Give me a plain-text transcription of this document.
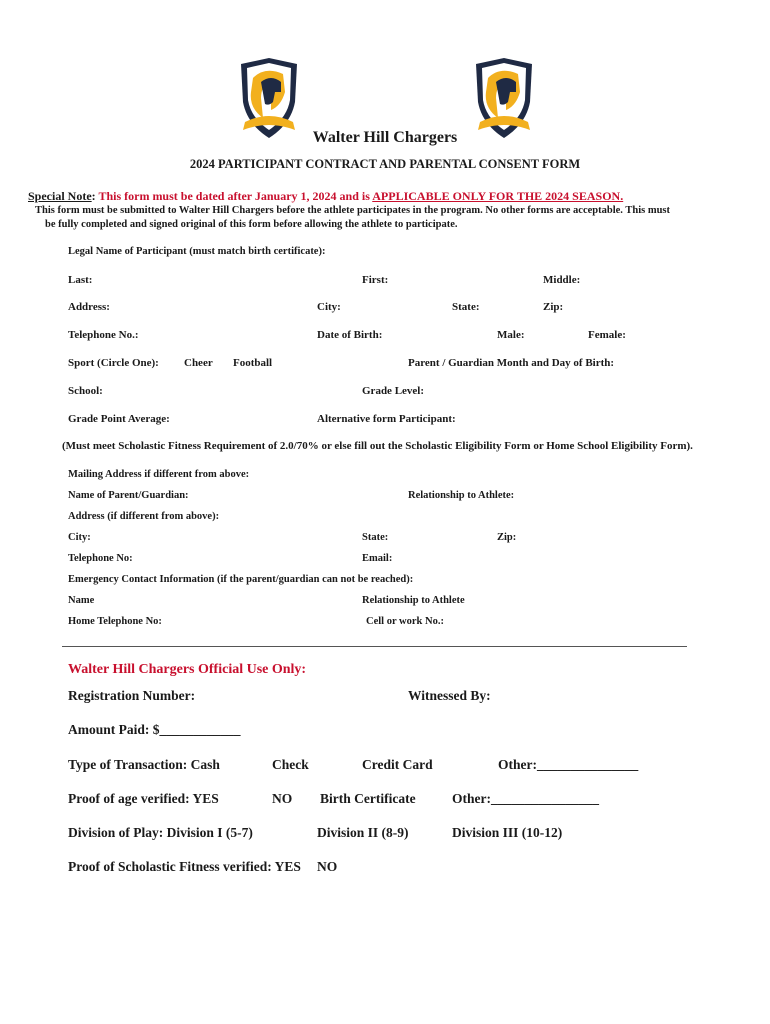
Walter Hill Chargers
2024 PARTICIPANT CONTRACT AND PARENTAL CONSENT FORM
Special Note: This form must be dated after January 1, 2024 and is APPLICABLE ONLY FOR THE 2024 SEASON.
This form must be submitted to Walter Hill Chargers before the athlete participates in the program. No other forms are acceptable. This must
be fully completed and signed original of this form before allowing the athlete to participate.
Legal Name of Participant (must match birth certificate):
Last:	First:	Middle:
Address:	City:	State:	Zip:
Telephone No.:	Date of Birth:	Male:	Female:
Sport (Circle One): Cheer Football	Parent / Guardian Month and Day of Birth:
School:	Grade Level:
Grade Point Average:	Alternative form Participant:
(Must meet Scholastic Fitness Requirement of 2.0/70% or else fill out the Scholastic Eligibility Form or Home School Eligibility Form).
Mailing Address if different from above:
Name of Parent/Guardian:	Relationship to Athlete:
Address (if different from above):
City:	State:	Zip:
Telephone No:	Email:
Emergency Contact Information (if the parent/guardian can not be reached):
Name	Relationship to Athlete
Home Telephone No:	Cell or work No.:
Walter Hill Chargers Official Use Only:
Registration Number:	Witnessed By:
Amount Paid: $____________
Type of Transaction: Cash	Check	Credit Card	Other:_______________
Proof of age verified: YES	NO Birth Certificate	Other:________________
Division of Play: Division I (5-7)	Division II (8-9)	Division III (10-12)
Proof of Scholastic Fitness verified: YES NO
